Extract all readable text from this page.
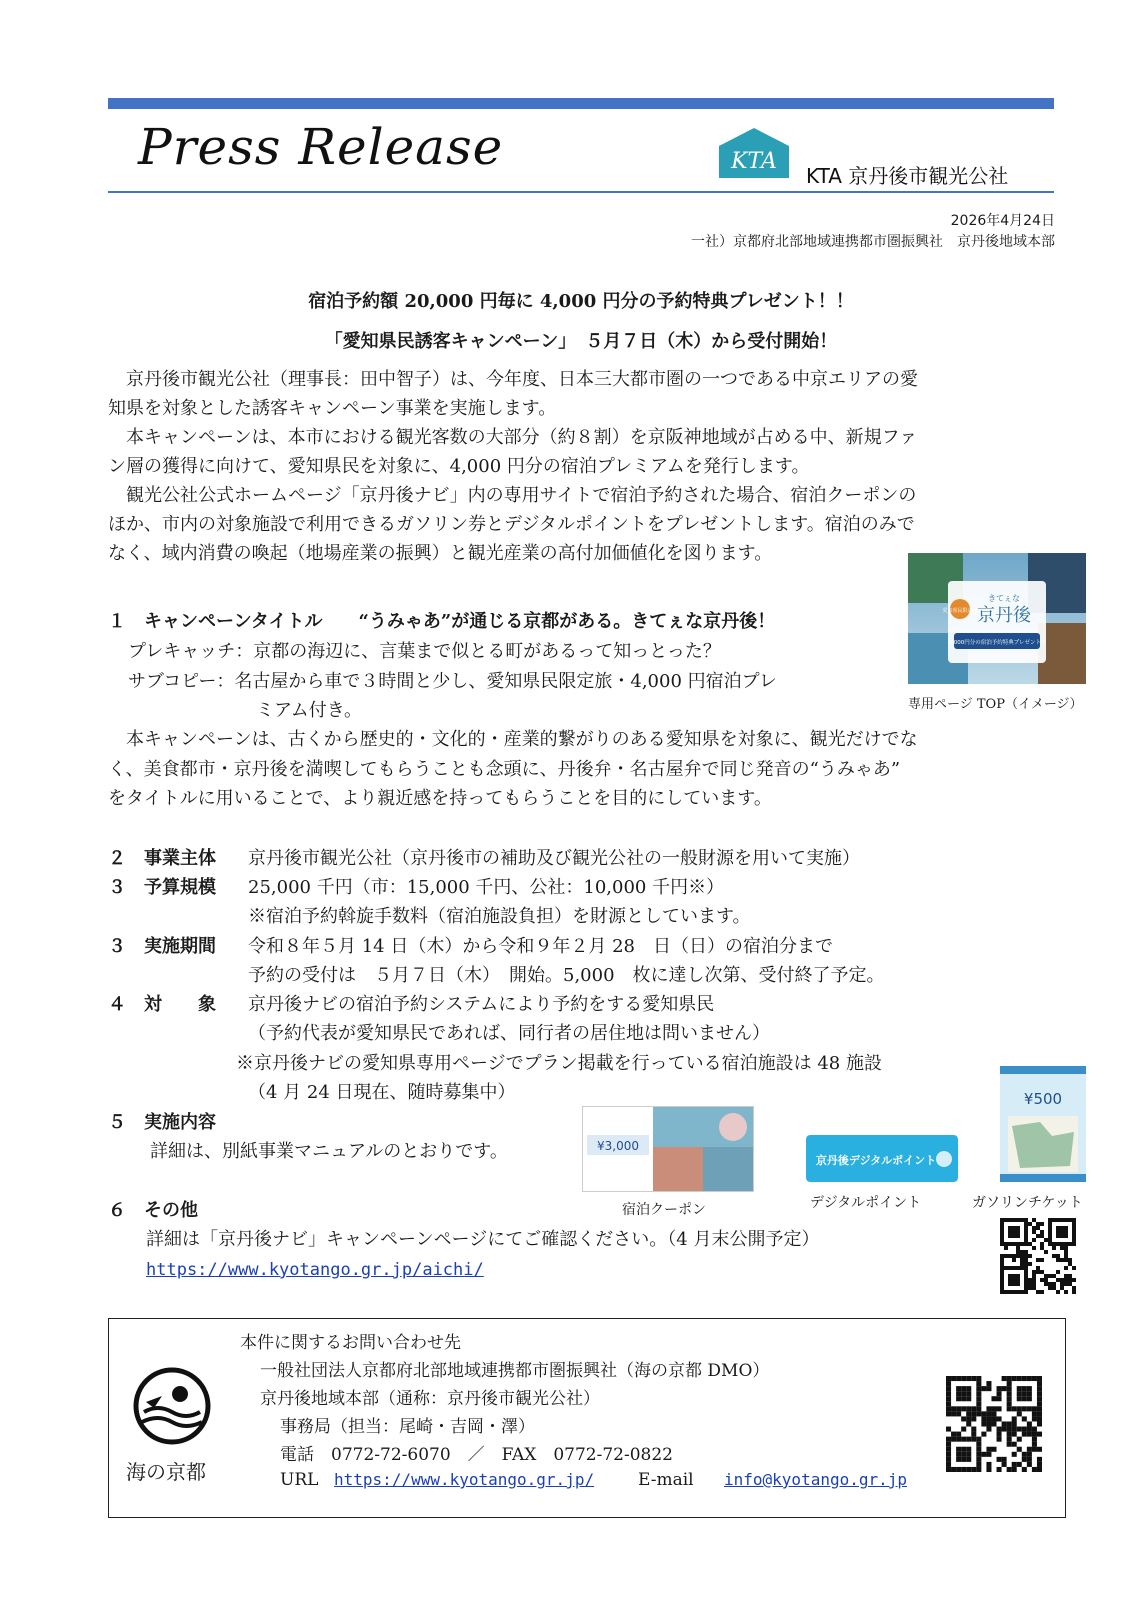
Press Release	KTA
KTA 京丹後市観光公社
2026年4月24日
一社）京都府北部地域連携都市圏振興社　京丹後地域本部
宿泊予約額 20,000 円毎に 4,000 円分の予約特典プレゼント！！
「愛知県民誘客キャンペーン」　５月７日（木）から受付開始！
　京丹後市観光公社（理事長：田中智子）は、今年度、日本三大都市圏の一つである中京エリアの愛
知県を対象とした誘客キャンペーン事業を実施します。
　本キャンペーンは、本市における観光客数の大部分（約８割）を京阪神地域が占める中、新規ファ
ン層の獲得に向けて、愛知県民を対象に、4,000 円分の宿泊プレミアムを発行します。
　観光公社公式ホームページ「京丹後ナビ」内の専用サイトで宿泊予約された場合、宿泊クーポンの
ほか、市内の対象施設で利用できるガソリン券とデジタルポイントをプレゼントします。宿泊のみで
なく、域内消費の喚起（地場産業の振興）と観光産業の高付加価値化を図ります。
愛知県民限定旅
きてぇな
京丹後
4,000円分の宿泊予約特典プレゼント!!
専用ページ TOP（イメージ）
１　キャンペーンタイトル　　“うみゃあ”が通じる京都がある。きてぇな京丹後！
プレキャッチ：京都の海辺に、言葉まで似とる町があるって知っとった？
サブコピー：名古屋から車で３時間と少し、愛知県民限定旅・4,000 円宿泊プレ
ミアム付き。
　本キャンペーンは、古くから歴史的・文化的・産業的繋がりのある愛知県を対象に、観光だけでな
く、美食都市・京丹後を満喫してもらうことも念頭に、丹後弁・名古屋弁で同じ発音の“うみゃあ”
をタイトルに用いることで、より親近感を持ってもらうことを目的にしています。
２　事業主体 京丹後市観光公社（京丹後市の補助及び観光公社の一般財源を用いて実施）
３　予算規模 25,000 千円（市：15,000 千円、公社：10,000 千円※）
※宿泊予約斡旋手数料（宿泊施設負担）を財源としています。
３　実施期間 令和８年５月 14 日（木）から令和９年２月 28　日（日）の宿泊分まで
予約の受付は　５月７日（木）　開始。5,000　枚に達し次第、受付終了予定。
４　対　　象 京丹後ナビの宿泊予約システムにより予約をする愛知県民
（予約代表が愛知県民であれば、同行者の居住地は問いません）
※京丹後ナビの愛知県専用ページでプラン掲載を行っている宿泊施設は 48 施設
（4 月 24 日現在、随時募集中）
５　実施内容
詳細は、別紙事業マニュアルのとおりです。	¥3,000
宿泊クーポン
京丹後デジタルポイント
デジタルポイント
¥500
ガソリンチケット
６　その他
詳細は「京丹後ナビ」キャンペーンページにてご確認ください。（4 月末公開予定）
https://www.kyotango.gr.jp/aichi/
本件に関するお問い合わせ先
一般社団法人京都府北部地域連携都市圏振興社（海の京都 DMO）
京丹後地域本部（通称：京丹後市観光公社）
事務局（担当：尾崎・吉岡・澤）
電話　0772-72-6070　／　FAX　0772-72-0822
URL https://www.kyotango.gr.jp/	E-mail info@kyotango.gr.jp
海の京都
